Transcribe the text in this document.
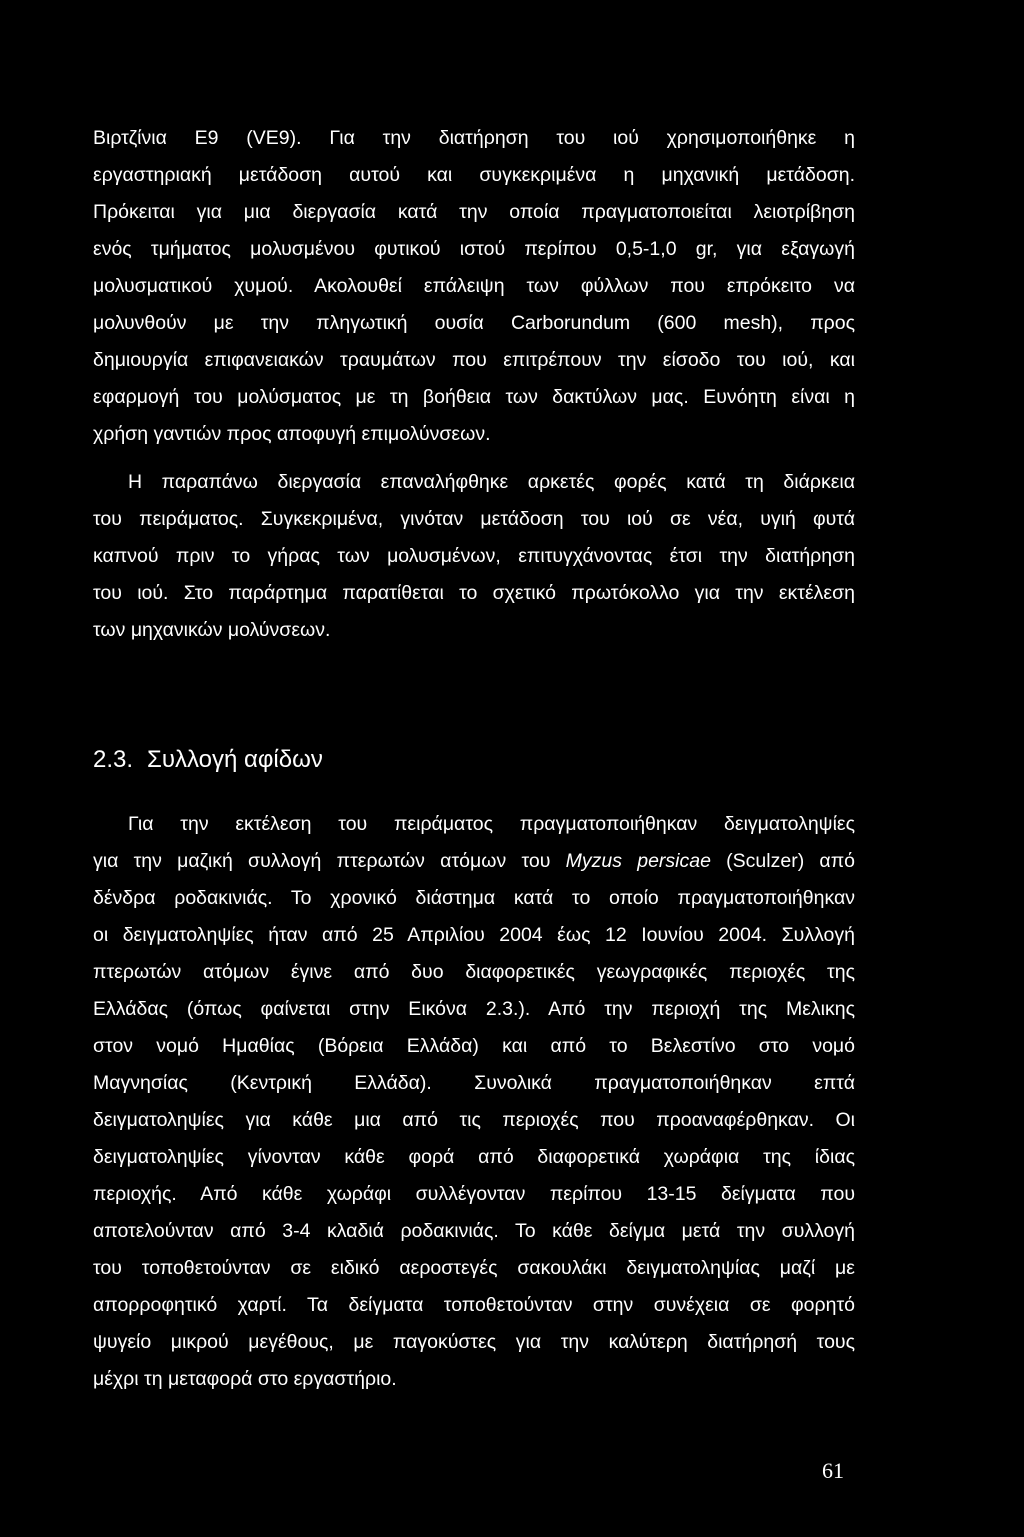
Βιρτζίνια Ε9 (VE9). Για την διατήρηση του ιού χρησιμοποιήθηκε η
εργαστηριακή μετάδοση αυτού και συγκεκριμένα η μηχανική μετάδοση.
Πρόκειται για μια διεργασία κατά την οποία πραγματοποιείται λειοτρίβηση
ενός τμήματος μολυσμένου φυτικού ιστού περίπου 0,5-1,0 gr, για εξαγωγή
μολυσματικού χυμού. Ακολουθεί επάλειψη των φύλλων που επρόκειτο να
μολυνθούν με την πληγωτική ουσία Carborundum (600 mesh), προς
δημιουργία επιφανειακών τραυμάτων που επιτρέπουν την είσοδο του ιού, και
εφαρμογή του μολύσματος με τη βοήθεια των δακτύλων μας. Ευνόητη είναι η
χρήση γαντιών προς αποφυγή επιμολύνσεων.
Η παραπάνω διεργασία επαναλήφθηκε αρκετές φορές κατά τη διάρκεια
του πειράματος. Συγκεκριμένα, γινόταν μετάδοση του ιού σε νέα, υγιή φυτά
καπνού πριν το γήρας των μολυσμένων, επιτυγχάνοντας έτσι την διατήρηση
του ιού. Στο παράρτημα παρατίθεται το σχετικό πρωτόκολλο για την εκτέλεση
των μηχανικών μολύνσεων.
2.3. Συλλογή αφίδων
Για την εκτέλεση του πειράματος πραγματοποιήθηκαν δειγματοληψίες
για την μαζική συλλογή πτερωτών ατόμων του Myzus persicae (Sculzer) από
δένδρα ροδακινιάς. Το χρονικό διάστημα κατά το οποίο πραγματοποιήθηκαν
οι δειγματοληψίες ήταν από 25 Απριλίου 2004 έως 12 Ιουνίου 2004. Συλλογή
πτερωτών ατόμων έγινε από δυο διαφορετικές γεωγραφικές περιοχές της
Ελλάδας (όπως φαίνεται στην Εικόνα 2.3.). Από την περιοχή της Μελικης
στον νομό Ημαθίας (Βόρεια Ελλάδα) και από το Βελεστίνο στο νομό
Μαγνησίας (Κεντρική Ελλάδα). Συνολικά πραγματοποιήθηκαν επτά
δειγματοληψίες για κάθε μια από τις περιοχές που προαναφέρθηκαν. Οι
δειγματοληψίες γίνονταν κάθε φορά από διαφορετικά χωράφια της ίδιας
περιοχής. Από κάθε χωράφι συλλέγονταν περίπου 13-15 δείγματα που
αποτελούνταν από 3-4 κλαδιά ροδακινιάς. Το κάθε δείγμα μετά την συλλογή
του τοποθετούνταν σε ειδικό αεροστεγές σακουλάκι δειγματοληψίας μαζί με
απορροφητικό χαρτί. Τα δείγματα τοποθετούνταν στην συνέχεια σε φορητό
ψυγείο μικρού μεγέθους, με παγοκύστες για την καλύτερη διατήρησή τους
μέχρι τη μεταφορά στο εργαστήριο.
61
